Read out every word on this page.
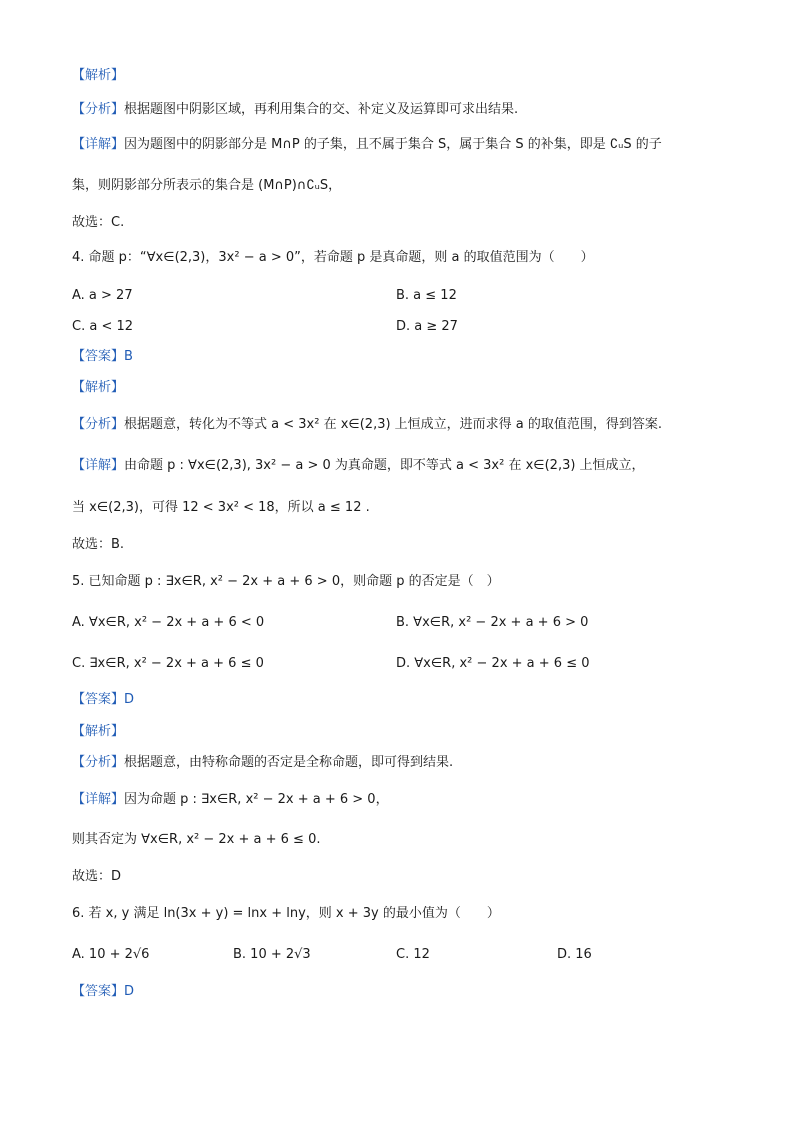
【解析】
【分析】根据题图中阴影区域，再利用集合的交、补定义及运算即可求出结果.
【详解】因为题图中的阴影部分是 M∩P 的子集，且不属于集合 S，属于集合 S 的补集，即是 ∁ᵤS 的子
集，则阴影部分所表示的集合是 (M∩P)∩∁ᵤS，
故选：C.
4. 命题 p：“∀x∈(2,3)，3x² − a > 0”，若命题 p 是真命题，则 a 的取值范围为（　　）
A. a > 27	B. a ≤ 12
C. a < 12	D. a ≥ 27
【答案】B
【解析】
【分析】根据题意，转化为不等式 a < 3x² 在 x∈(2,3) 上恒成立，进而求得 a 的取值范围，得到答案.
【详解】由命题 p : ∀x∈(2,3), 3x² − a > 0 为真命题，即不等式 a < 3x² 在 x∈(2,3) 上恒成立，
当 x∈(2,3)，可得 12 < 3x² < 18，所以 a ≤ 12 .
故选：B.
5. 已知命题 p : ∃x∈R, x² − 2x + a + 6 > 0，则命题 p 的否定是（　）
A. ∀x∈R, x² − 2x + a + 6 < 0	B. ∀x∈R, x² − 2x + a + 6 > 0
C. ∃x∈R, x² − 2x + a + 6 ≤ 0	D. ∀x∈R, x² − 2x + a + 6 ≤ 0
【答案】D
【解析】
【分析】根据题意，由特称命题的否定是全称命题，即可得到结果.
【详解】因为命题 p : ∃x∈R, x² − 2x + a + 6 > 0，
则其否定为 ∀x∈R, x² − 2x + a + 6 ≤ 0.
故选：D
6. 若 x, y 满足 ln(3x + y) = lnx + lny，则 x + 3y 的最小值为（　　）
A. 10 + 2√6	B. 10 + 2√3	C. 12	D. 16
【答案】D
